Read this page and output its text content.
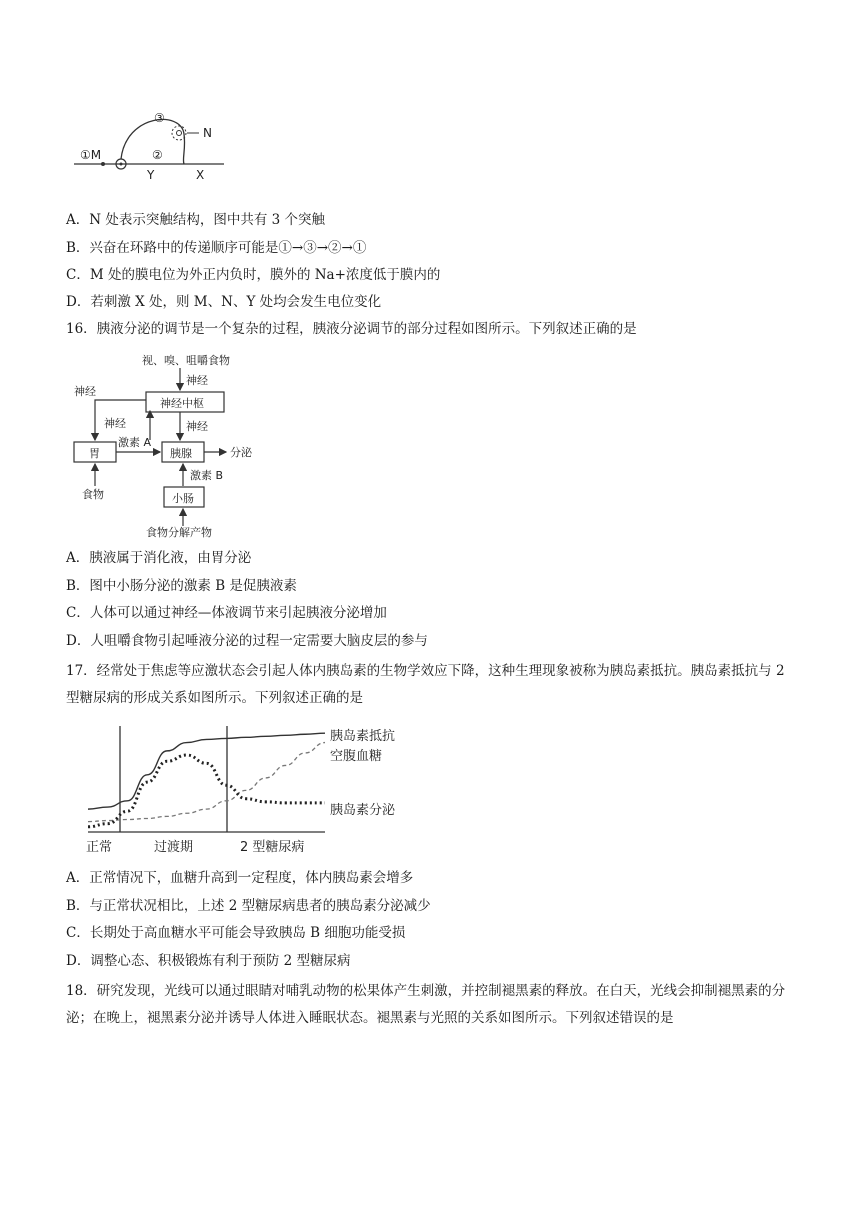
①M	②
③
N
Y	X
A．N 处表示突触结构，图中共有 3 个突触
B．兴奋在环路中的传递顺序可能是①→③→②→①
C．M 处的膜电位为外正内负时，膜外的 Na+浓度低于膜内的
D．若刺激 X 处，则 M、N、Y 处均会发生电位变化
16．胰液分泌的调节是一个复杂的过程，胰液分泌调节的部分过程如图所示。下列叙述正确的是
视、嗅、咀嚼食物
神经
神经中枢
神经
神经	神经
胃
激素 A
胰腺	分泌
食物
激素 B
小肠
食物分解产物
A．胰液属于消化液，由胃分泌
B．图中小肠分泌的激素 B 是促胰液素
C．人体可以通过神经—体液调节来引起胰液分泌增加
D．人咀嚼食物引起唾液分泌的过程一定需要大脑皮层的参与
17．经常处于焦虑等应激状态会引起人体内胰岛素的生物学效应下降，这种生理现象被称为胰岛素抵抗。胰岛素抵抗与 2 型糖尿病的形成关系如图所示。下列叙述正确的是
胰岛素抵抗
空腹血糖
胰岛素分泌
正常	过渡期	2 型糖尿病
A．正常情况下，血糖升高到一定程度，体内胰岛素会增多
B．与正常状况相比，上述 2 型糖尿病患者的胰岛素分泌减少
C．长期处于高血糖水平可能会导致胰岛 B 细胞功能受损
D．调整心态、积极锻炼有利于预防 2 型糖尿病
18．研究发现，光线可以通过眼睛对哺乳动物的松果体产生刺激，并控制褪黑素的释放。在白天，光线会抑制褪黑素的分泌；在晚上，褪黑素分泌并诱导人体进入睡眠状态。褪黑素与光照的关系如图所示。下列叙述错误的是
